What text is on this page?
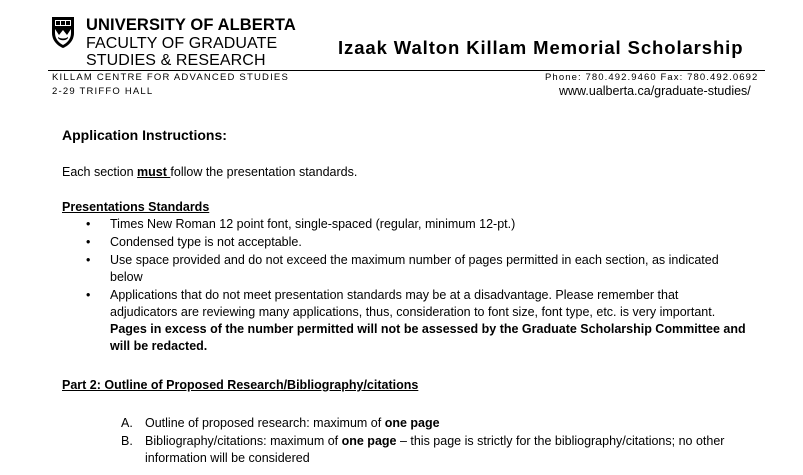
UNIVERSITY OF ALBERTA
FACULTY OF GRADUATE
STUDIES & RESEARCH
Izaak Walton Killam Memorial Scholarship
KILLAM CENTRE FOR ADVANCED STUDIES
2-29 TRIFFO HALL
Phone: 780.492.9460 Fax: 780.492.0692
www.ualberta.ca/graduate-studies/
Application Instructions:
Each section must follow the presentation standards.
Presentations Standards
• Times New Roman 12 point font, single-spaced (regular, minimum 12-pt.)
• Condensed type is not acceptable.
• Use space provided and do not exceed the maximum number of pages permitted in each section, as indicated below
• Applications that do not meet presentation standards may be at a disadvantage. Please remember that adjudicators are reviewing many applications, thus, consideration to font size, font type, etc. is very important. Pages in excess of the number permitted will not be assessed by the Graduate Scholarship Committee and will be redacted.
Part 2: Outline of Proposed Research/Bibliography/citations
A. Outline of proposed research: maximum of one page
B. Bibliography/citations: maximum of one page – this page is strictly for the bibliography/citations; no other information will be considered
